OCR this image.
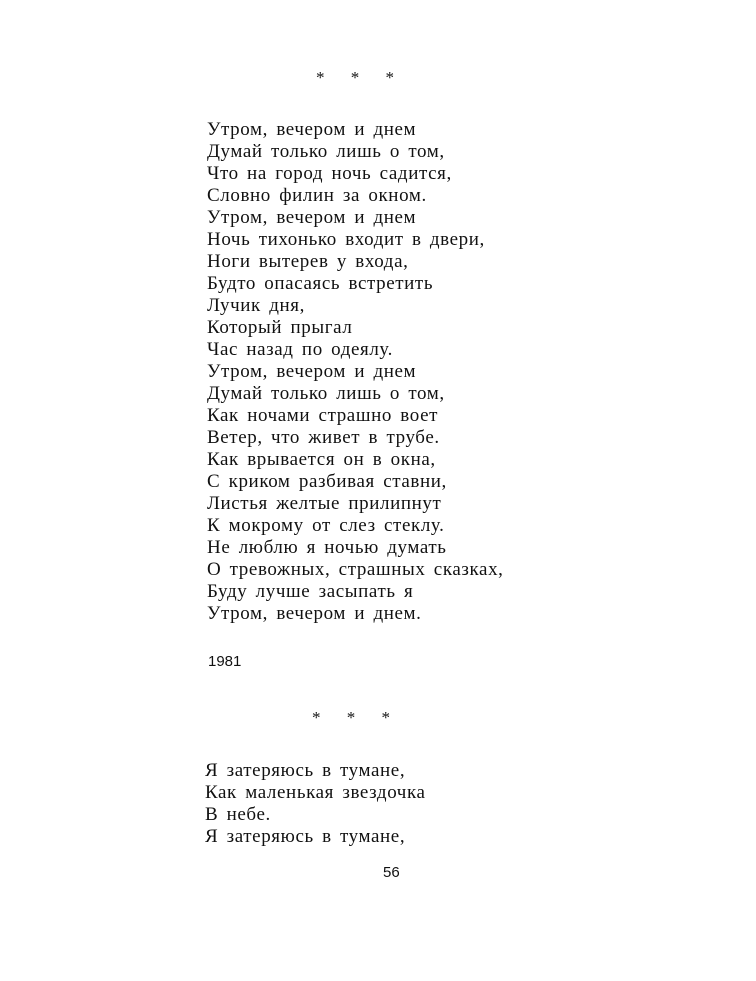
* * *
Утром, вечером и днем
Думай только лишь о том,
Что на город ночь садится,
Словно филин за окном.
Утром, вечером и днем
Ночь тихонько входит в двери,
Ноги вытерев у входа,
Будто опасаясь встретить
Лучик дня,
Который прыгал
Час назад по одеялу.
Утром, вечером и днем
Думай только лишь о том,
Как ночами страшно воет
Ветер, что живет в трубе.
Как врывается он в окна,
С криком разбивая ставни,
Листья желтые прилипнут
К мокрому от слез стеклу.
Не люблю я ночью думать
О тревожных, страшных сказках,
Буду лучше засыпать я
Утром, вечером и днем.
1981
* * *
Я затеряюсь в тумане,
Как маленькая звездочка
В небе.
Я затеряюсь в тумане,
56
